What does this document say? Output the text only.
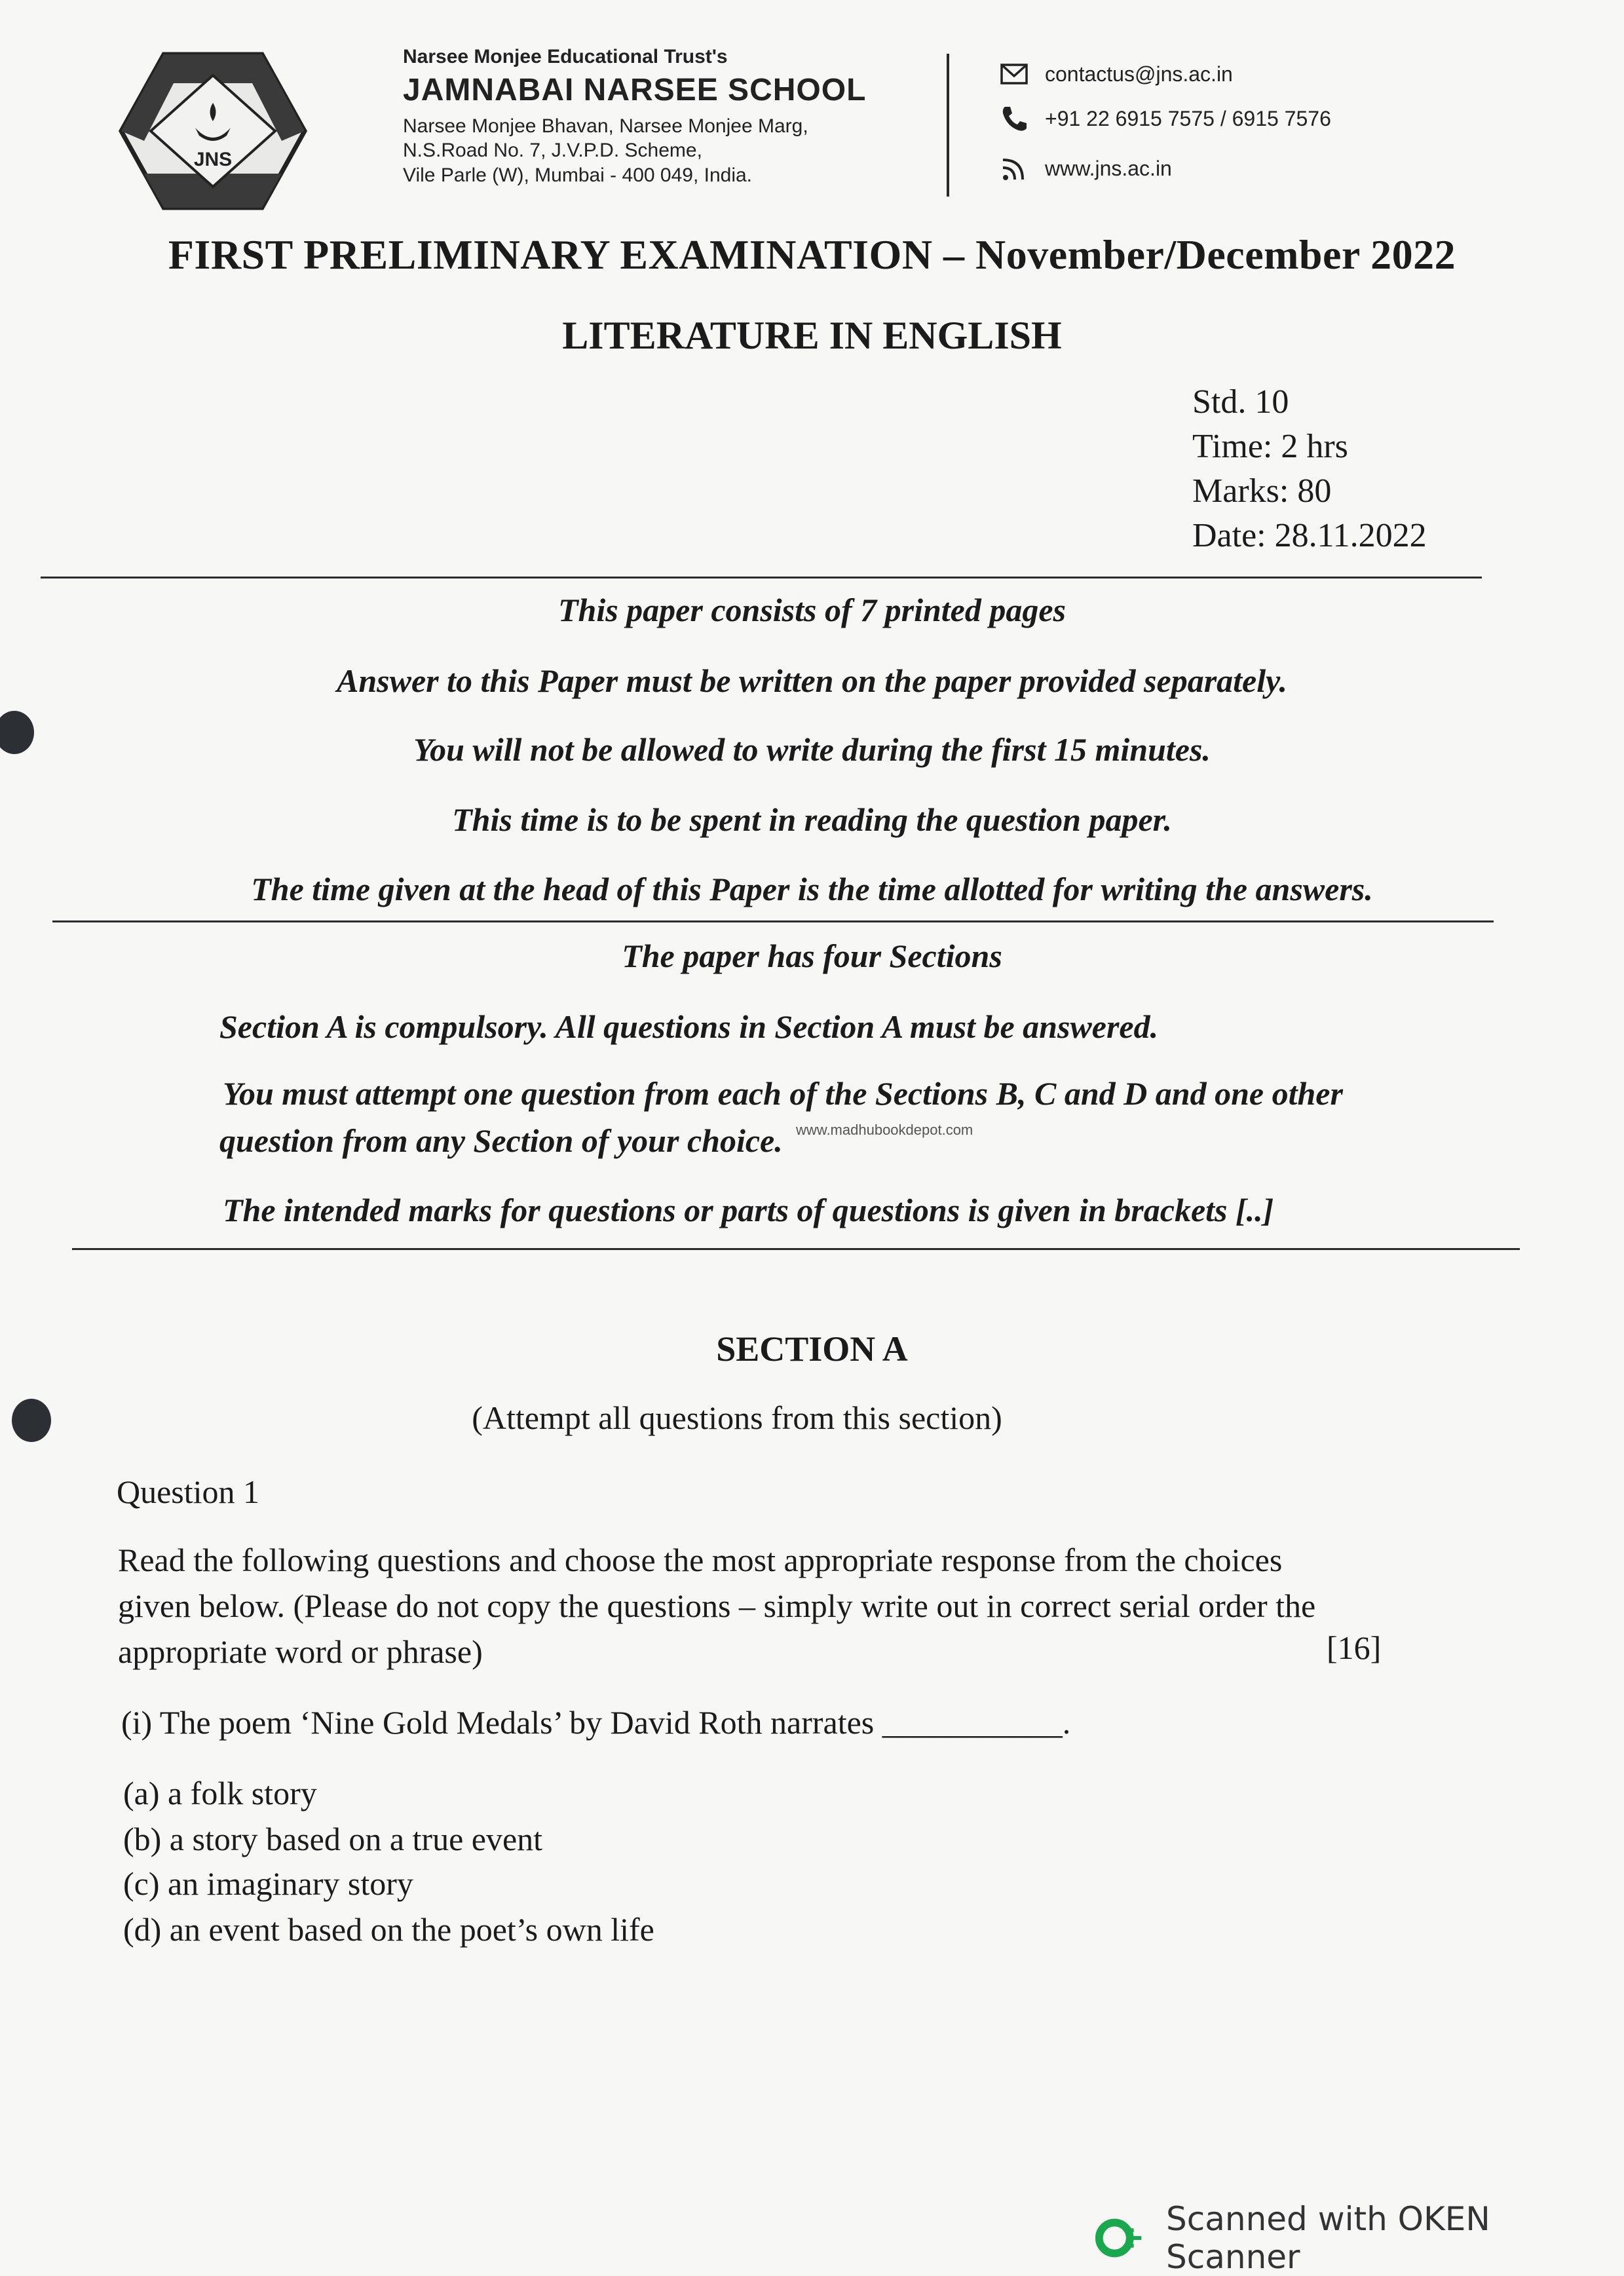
JNS
Narsee Monjee Educational Trust's
JAMNABAI NARSEE SCHOOL
Narsee Monjee Bhavan, Narsee Monjee Marg,
N.S.Road No. 7, J.V.P.D. Scheme,
Vile Parle (W), Mumbai - 400 049, India.
contactus@jns.ac.in
+91 22 6915 7575 / 6915 7576
www.jns.ac.in
FIRST PRELIMINARY EXAMINATION – November/December 2022
LITERATURE IN ENGLISH
Std. 10
Time: 2 hrs
Marks: 80
Date: 28.11.2022
This paper consists of 7 printed pages
Answer to this Paper must be written on the paper provided separately.
You will not be allowed to write during the first 15 minutes.
This time is to be spent in reading the question paper.
The time given at the head of this Paper is the time allotted for writing the answers.
The paper has four Sections
Section A is compulsory. All questions in Section A must be answered.
You must attempt one question from each of the Sections B, C and D and one other
question from any Section of your choice. www.madhubookdepot.com
The intended marks for questions or parts of questions is given in brackets [..]
SECTION A
(Attempt all questions from this section)
Question 1
Read the following questions and choose the most appropriate response from the choices
given below. (Please do not copy the questions – simply write out in correct serial order the
appropriate word or phrase)	[16]
(i) The poem ‘Nine Gold Medals’ by David Roth narrates ___________.
(a) a folk story
(b) a story based on a true event
(c) an imaginary story
(d) an event based on the poet’s own life
Scanned with OKEN Scanner
